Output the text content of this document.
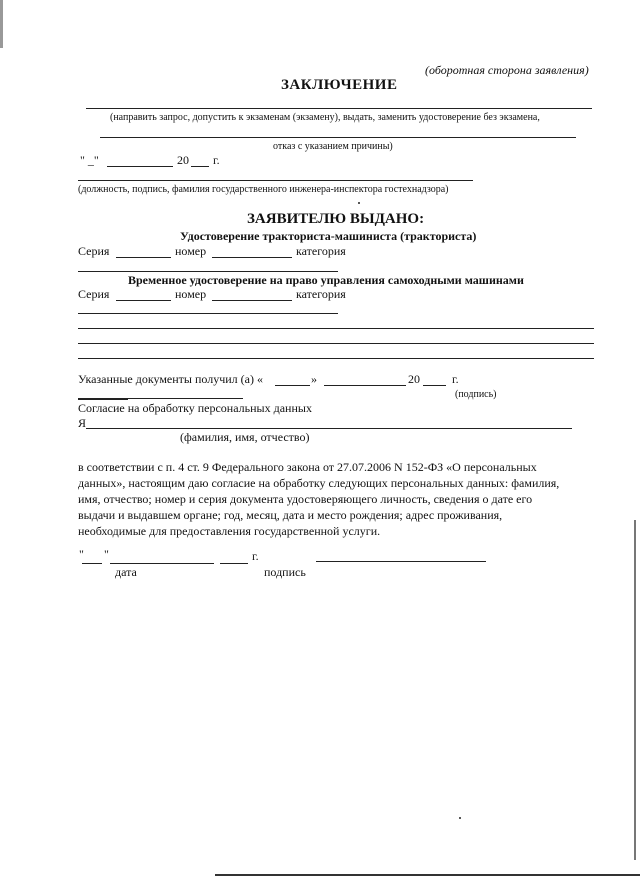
(оборотная сторона заявления)
ЗАКЛЮЧЕНИЕ
(направить запрос, допустить к экзаменам (экзамену), выдать, заменить удостоверение без экзамена,
отказ с указанием причины)
" _"	20 г.
(должность, подпись, фамилия государственного инженера-инспектора гостехнадзора)
ЗАЯВИТЕЛЮ ВЫДАНО:
Удостоверение тракториста-машиниста (тракториста)
Серия	номер	категория
Временное удостоверение на право управления самоходными машинами
Серия	номер	категория
Указанные документы получил (а) «	»	20	г.
(подпись)
Согласие на обработку персональных данных
Я
(фамилия, имя, отчество)
в соответствии с п. 4 ст. 9 Федерального закона от 27.07.2006 N 152-ФЗ «О персональных
данных», настоящим даю согласие на обработку следующих персональных данных: фамилия,
имя, отчество; номер и серия документа удостоверяющего личность, сведения о дате его
выдачи и выдавшем органе; год, месяц, дата и место рождения; адрес проживания,
необходимые для предоставления государственной услуги.
" "	г.
дата	подпись
